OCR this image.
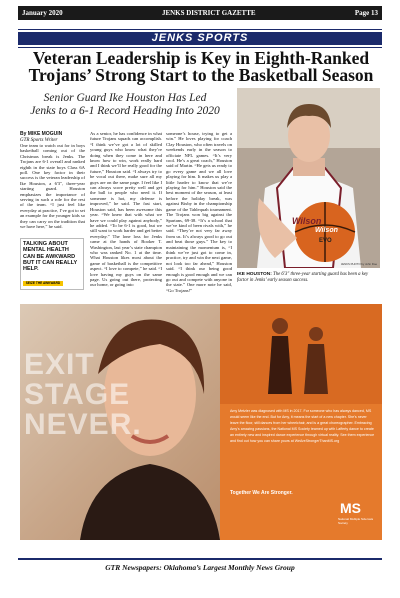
January 2020	JENKS DISTRICT GAZETTE	Page 13
JENKS SPORTS
Veteran Leadership is Key in Eighth-Ranked Trojans’ Strong Start to the Basketball Season
Senior Guard Ike Houston Has Led Jenks to a 6-1 Record Heading Into 2020
By MIKE MOGUIN
GTR Sports Writer
One team to watch out for in boys basketball coming out of the Christmas break is Jenks. The Trojans are 6-1 overall and ranked eighth in the state boys Class 6A poll. One key factor in their success is the veteran leadership of Ike Houston, a 6'3", three-year starting guard. Houston emphasizes the importance of serving in such a role for the rest of the team. “I just feel like everyday at practice, I’ve got to set an example for the younger kids so they can carry on the tradition that we have here,” he said.
As a senior, he has confidence in what future Trojans squads can accomplish. “I think we’ve got a lot of skilled young guys who know what they’re doing when they come in here and know how to win, work really hard and I think we’ll be really good for the future,” Houston said. “I always try to be vocal out there, make sure all my guys are on the same page. I feel like I can always score pretty well and get the ball to people who need it. If someone is hot, my defense is improved,” he said. The fast start, Houston said, has been awesome this year. “We knew that with what we have we could play against anybody,” he added. “To be 6-1 is good, but we still want to work harder and get better everyday.” The lone loss for Jenks came at the hands of Booker T. Washington, last year’s state champion who was ranked No. 1 at the time. What Houston likes most about the game of basketball is the competitive aspect. “I love to compete,” he said. “I love having my guys on the same page. Us going out there, protecting our home, or going into
someone’s house, trying to get a win.” He loves playing for coach Clay Houston, who often travels on weekends early in the season to officiate NFL games. “It’s very cool. He’s a great coach,” Houston said of Martin. “He gets us ready to go every game and we all love playing for him. It makes us play a little harder to know that we’re playing for him.” Houston said the best moment of the season, at least before the holiday break, was against Bixby in the championship game of the Tahlequah tournament. The Trojans won big against the Spartans, 69-38. “It’s a school that we’ve kind of been rivals with,” he said. “They’re not very far away from us. It’s always good to go out and beat those guys.” The key to maintaining the momentum is, “I think we’ve just got to come in, practice, try and win the next game, not look too far ahead,” Houston said. “I think our being good enough is good enough and we can go out and compete with anyone in the state.” One more note he said, “Go Trojans!”
TALKING ABOUT MENTAL HEALTH CAN BE AWKWARD BUT IT CAN REALLY HELP.
SEIZE THE AWKWARD
Wilson
Wilson
EVO
JENKS PHOTO by John Doe
IKE HOUSTON: The 6'3" three-year starting guard has been a key factor in Jenks’ early season success.
EXIT STAGE NEVER.	Amy Metzler was diagnosed with MS in 2017. For someone who has always danced, MS would seem like the end. But for Amy, it means the start of a new chapter. She’s never leave the floor, still dances from her wheelchair, and is a great choreographer. Embracing Amy’s amazing passions, the National MS Society teamed up with Lafferty dance to create an entirely new and inspired dance experience through virtual reality. See them experience and find out how you can share yours at WeAreStrongerThanMS.org
Together We Are Stronger.
MS
National Multiple Sclerosis Society
GTR Newspapers: Oklahoma’s Largest Monthly News Group
